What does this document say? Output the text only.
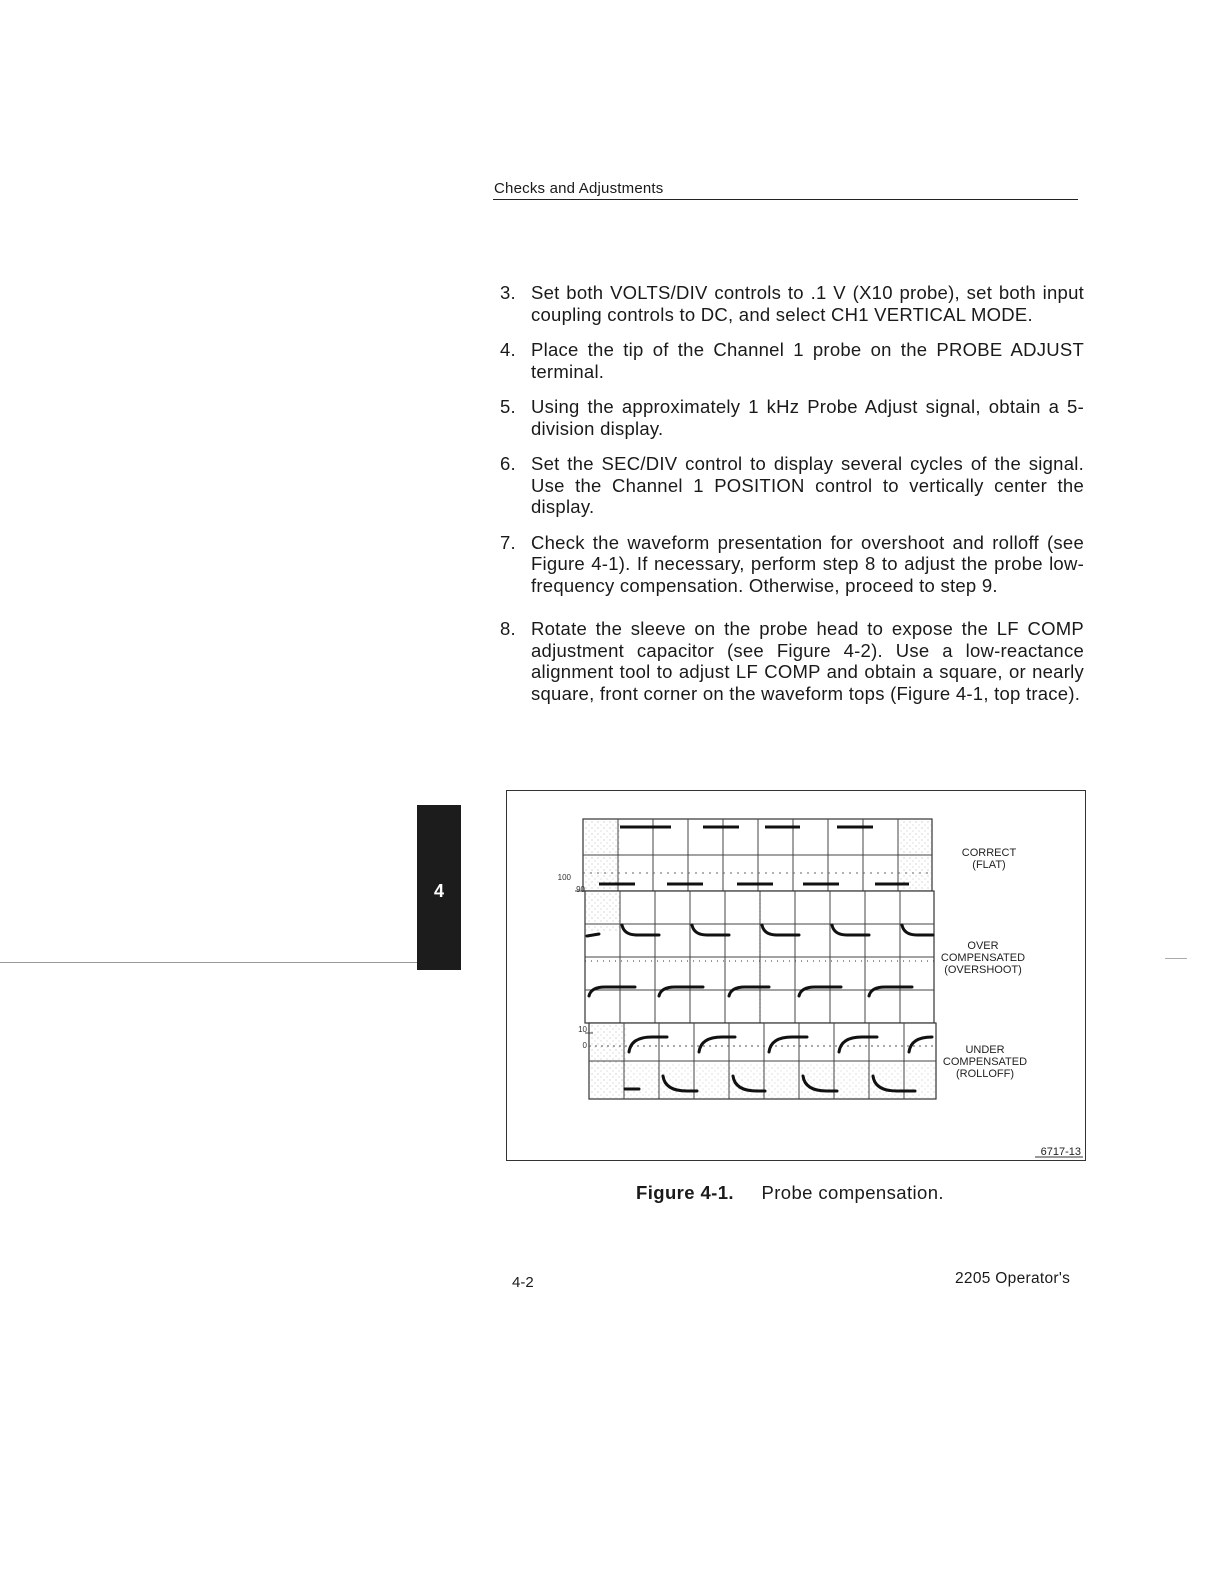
Checks and Adjustments
3. Set both VOLTS/DIV controls to .1 V (X10 probe), set both input coupling controls to DC, and select CH1 VERTICAL MODE.
4. Place the tip of the Channel 1 probe on the PROBE ADJUST terminal.
5. Using the approximately 1 kHz Probe Adjust signal, obtain a 5-division display.
6. Set the SEC/DIV control to display several cycles of the signal. Use the Channel 1 POSITION control to vertically center the display.
7. Check the waveform presentation for overshoot and rolloff (see Figure 4-1). If necessary, perform step 8 to adjust the probe low-frequency compensation. Otherwise, proceed to step 9.
8. Rotate the sleeve on the probe head to expose the LF COMP adjustment capacitor (see Figure 4-2). Use a low-reactance alignment tool to adjust LF COMP and obtain a square, or nearly square, front corner on the waveform tops (Figure 4-1, top trace).
100
90
CORRECT
(FLAT)
OVER
COMPENSATED
(OVERSHOOT)
10
0	UNDER
COMPENSATED
(ROLLOFF)
6717-13
Figure 4-1. Probe compensation.
4
4-2	2205 Operator's
